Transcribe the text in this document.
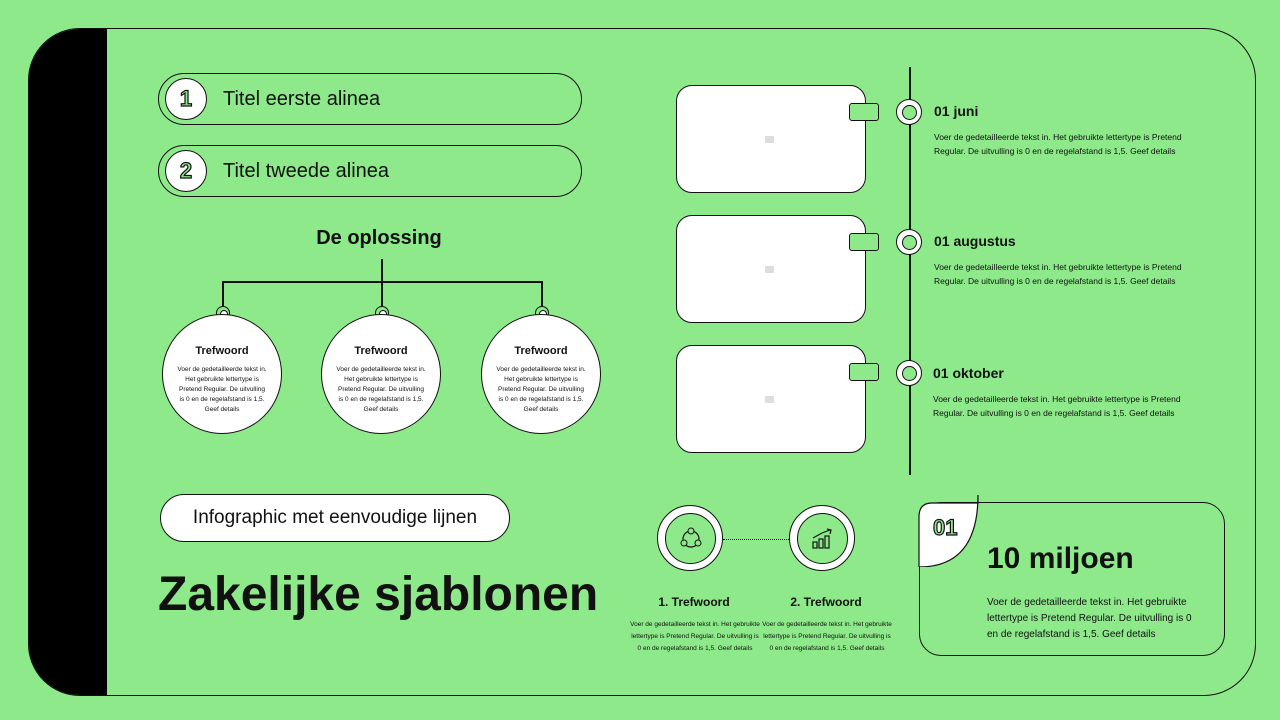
1	Titel eerste alinea
2	Titel tweede alinea
De oplossing
Trefwoord
Voer de gedetailleerde tekst in. Het gebruikte lettertype is Pretend Regular. De uitvulling is 0 en de regelafstand is 1,5. Geef details
Trefwoord
Voer de gedetailleerde tekst in. Het gebruikte lettertype is Pretend Regular. De uitvulling is 0 en de regelafstand is 1,5. Geef details
Trefwoord
Voer de gedetailleerde tekst in. Het gebruikte lettertype is Pretend Regular. De uitvulling is 0 en de regelafstand is 1,5. Geef details
Infographic met eenvoudige lijnen
Zakelijke sjablonen
01 juni
Voer de gedetailleerde tekst in. Het gebruikte lettertype is Pretend Regular. De uitvulling is 0 en de regelafstand is 1,5. Geef details
01 augustus
Voer de gedetailleerde tekst in. Het gebruikte lettertype is Pretend Regular. De uitvulling is 0 en de regelafstand is 1,5. Geef details
01 oktober
Voer de gedetailleerde tekst in. Het gebruikte lettertype is Pretend Regular. De uitvulling is 0 en de regelafstand is 1,5. Geef details
1. Trefwoord
Voer de gedetailleerde tekst in. Het gebruikte lettertype is Pretend Regular. De uitvulling is 0 en de regelafstand is 1,5. Geef details
2. Trefwoord
Voer de gedetailleerde tekst in. Het gebruikte lettertype is Pretend Regular. De uitvulling is 0 en de regelafstand is 1,5. Geef details
01
10 miljoen
Voer de gedetailleerde tekst in. Het gebruikte lettertype is Pretend Regular. De uitvulling is 0 en de regelafstand is 1,5. Geef details
